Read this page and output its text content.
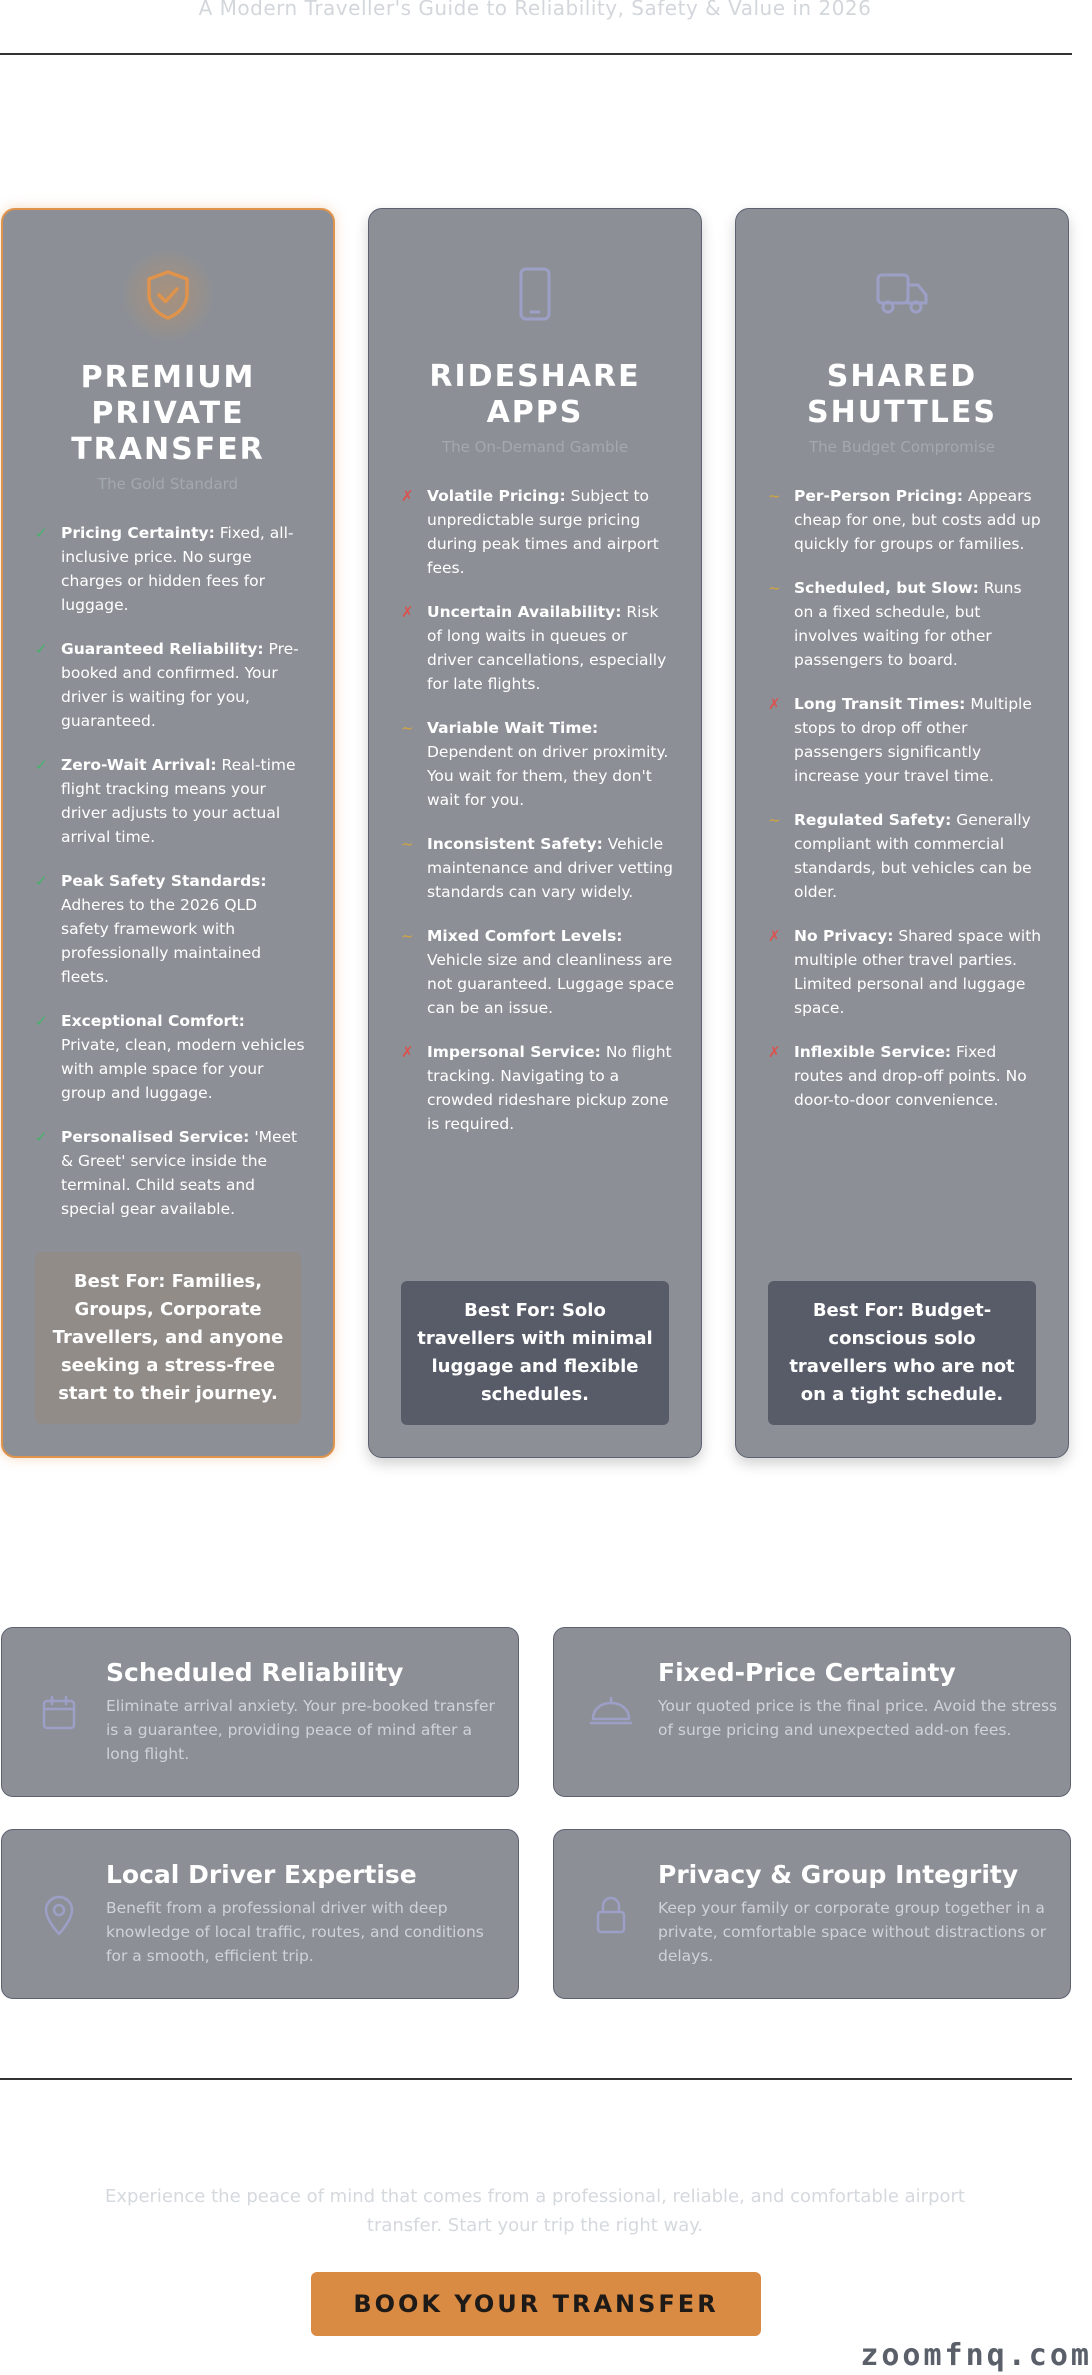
A Modern Traveller's Guide to Reliability, Safety & Value in 2026
PREMIUM PRIVATE TRANSFER
The Gold Standard
✓ Pricing Certainty: Fixed, all-inclusive price. No surge charges or hidden fees for luggage.
✓ Guaranteed Reliability: Pre-booked and confirmed. Your driver is waiting for you, guaranteed.
✓ Zero-Wait Arrival: Real-time flight tracking means your driver adjusts to your actual arrival time.
✓ Peak Safety Standards: Adheres to the 2026 QLD safety framework with professionally maintained fleets.
✓ Exceptional Comfort: Private, clean, modern vehicles with ample space for your group and luggage.
✓ Personalised Service: 'Meet & Greet' service inside the terminal. Child seats and special gear available.
Best For: Families, Groups, Corporate Travellers, and anyone seeking a stress-free start to their journey.
RIDESHARE APPS
The On-Demand Gamble
✗ Volatile Pricing: Subject to unpredictable surge pricing during peak times and airport fees.
✗ Uncertain Availability: Risk of long waits in queues or driver cancellations, especially for late flights.
~ Variable Wait Time: Dependent on driver proximity. You wait for them, they don't wait for you.
~ Inconsistent Safety: Vehicle maintenance and driver vetting standards can vary widely.
~ Mixed Comfort Levels: Vehicle size and cleanliness are not guaranteed. Luggage space can be an issue.
✗ Impersonal Service: No flight tracking. Navigating to a crowded rideshare pickup zone is required.
Best For: Solo travellers with minimal luggage and flexible schedules.
SHARED SHUTTLES
The Budget Compromise
~ Per-Person Pricing: Appears cheap for one, but costs add up quickly for groups or families.
~ Scheduled, but Slow: Runs on a fixed schedule, but involves waiting for other passengers to board.
✗ Long Transit Times: Multiple stops to drop off other passengers significantly increase your travel time.
~ Regulated Safety: Generally compliant with commercial standards, but vehicles can be older.
✗ No Privacy: Shared space with multiple other travel parties. Limited personal and luggage space.
✗ Inflexible Service: Fixed routes and drop-off points. No door-to-door convenience.
Best For: Budget-conscious solo travellers who are not on a tight schedule.
Scheduled Reliability
Eliminate arrival anxiety. Your pre-booked transfer is a guarantee, providing peace of mind after a long flight.
Fixed-Price Certainty
Your quoted price is the final price. Avoid the stress of surge pricing and unexpected add-on fees.
Local Driver Expertise
Benefit from a professional driver with deep knowledge of local traffic, routes, and conditions for a smooth, efficient trip.
Privacy & Group Integrity
Keep your family or corporate group together in a private, comfortable space without distractions or delays.
Experience the peace of mind that comes from a professional, reliable, and comfortable airport transfer. Start your trip the right way.
BOOK YOUR TRANSFER
zoomfnq.com
